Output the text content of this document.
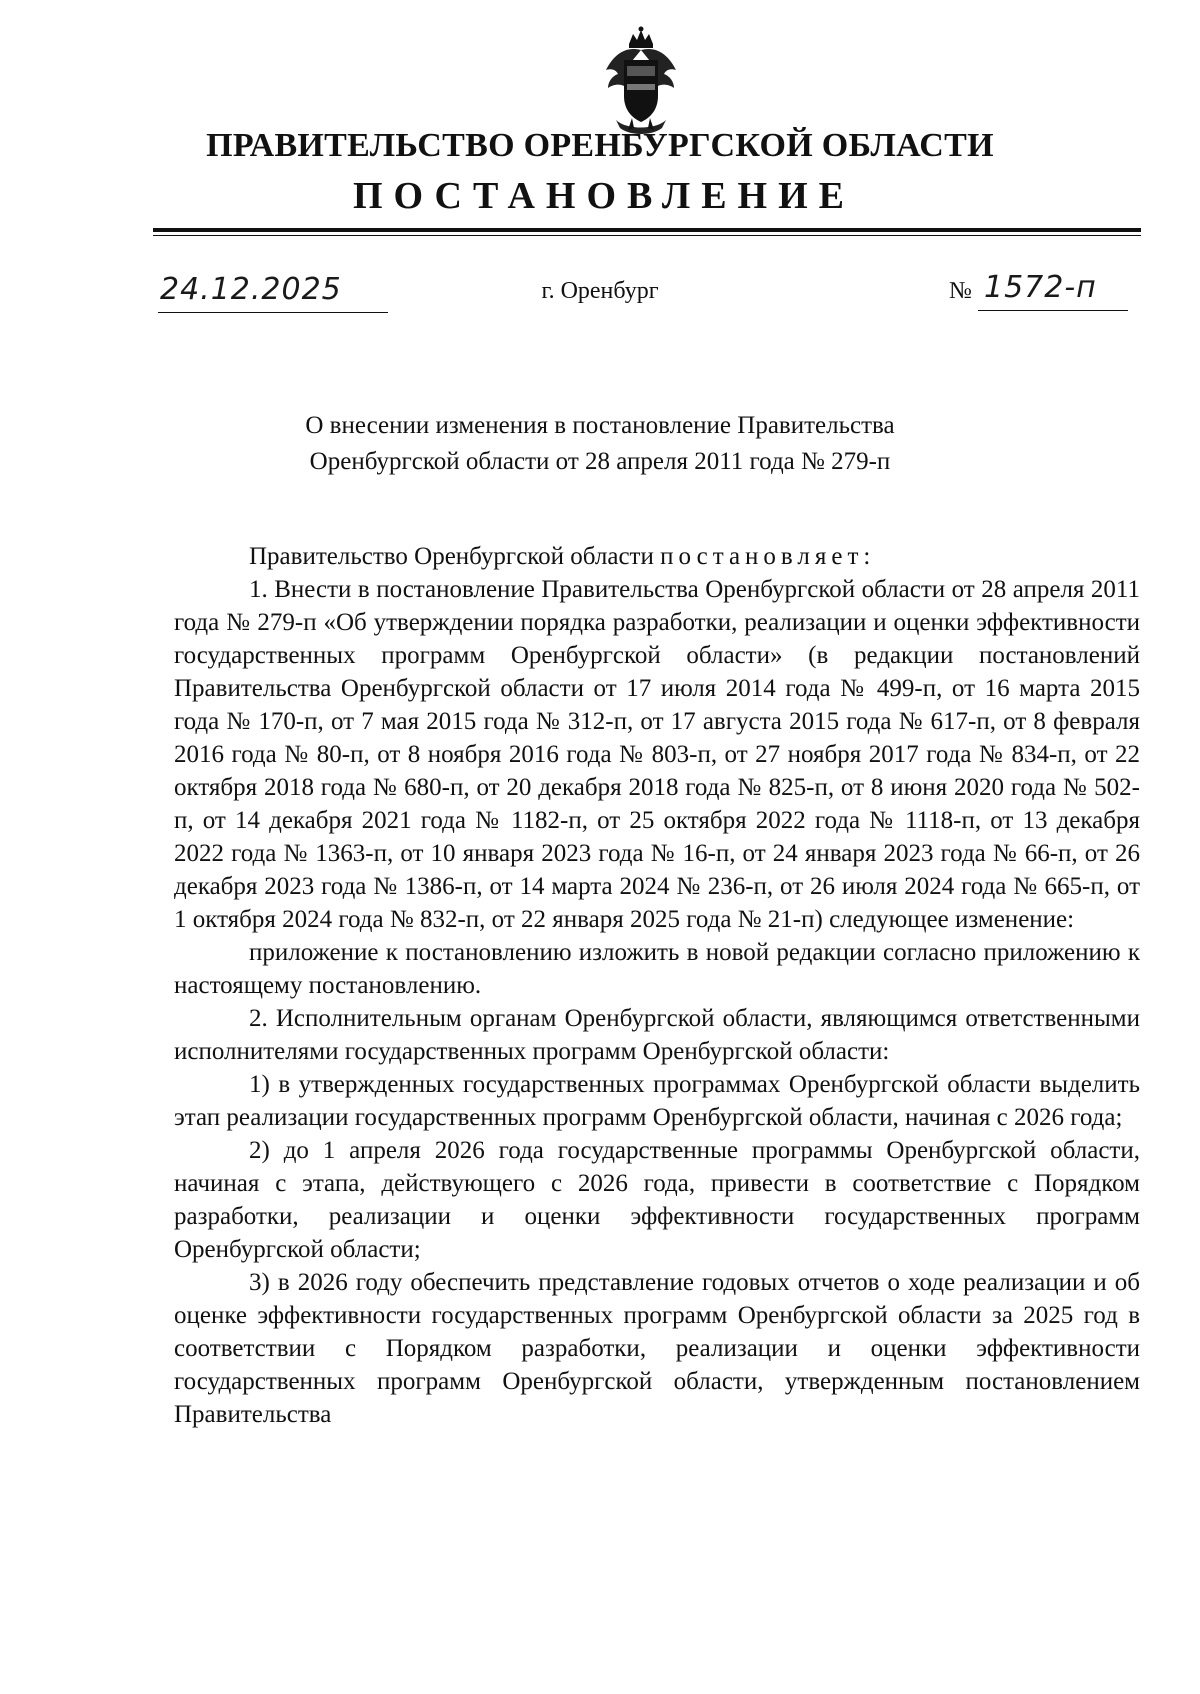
ПРАВИТЕЛЬСТВО ОРЕНБУРГСКОЙ ОБЛАСТИ
ПОСТАНОВЛЕНИЕ
24.12.2025	г. Оренбург	№ 1572-п
О внесении изменения в постановление Правительства
Оренбургской области от 28 апреля 2011 года № 279-п

Правительство Оренбургской области постановляет:

1. Внести в постановление Правительства Оренбургской области от 28 апреля 2011 года № 279-п «Об утверждении порядка разработки, реализации и оценки эффективности государственных программ Оренбургской области» (в редакции постановлений Правительства Оренбургской области от 17 июля 2014 года № 499-п, от 16 марта 2015 года № 170-п, от 7 мая 2015 года № 312-п, от 17 августа 2015 года № 617-п, от 8 февраля 2016 года № 80-п, от 8 ноября 2016 года № 803-п, от 27 ноября 2017 года № 834-п, от 22 октября 2018 года № 680-п, от 20 декабря 2018 года № 825-п, от 8 июня 2020 года № 502-п, от 14 декабря 2021 года № 1182-п, от 25 октября 2022 года № 1118-п, от 13 декабря 2022 года № 1363-п, от 10 января 2023 года № 16-п, от 24 января 2023 года № 66-п, от 26 декабря 2023 года № 1386-п, от 14 марта 2024 № 236-п, от 26 июля 2024 года № 665-п, от 1 октября 2024 года № 832-п, от 22 января 2025 года № 21-п) следующее изменение:

приложение к постановлению изложить в новой редакции согласно приложению к настоящему постановлению.

2. Исполнительным органам Оренбургской области, являющимся ответственными исполнителями государственных программ Оренбургской области:

1) в утвержденных государственных программах Оренбургской области выделить этап реализации государственных программ Оренбургской области, начиная с 2026 года;

2) до 1 апреля 2026 года государственные программы Оренбургской области, начиная с этапа, действующего с 2026 года, привести в соответствие с Порядком разработки, реализации и оценки эффективности государственных программ Оренбургской области;

3) в 2026 году обеспечить представление годовых отчетов о ходе реализации и об оценке эффективности государственных программ Оренбургской области за 2025 год в соответствии с Порядком разработки, реализации и оценки эффективности государственных программ Оренбургской области, утвержденным постановлением Правительства
